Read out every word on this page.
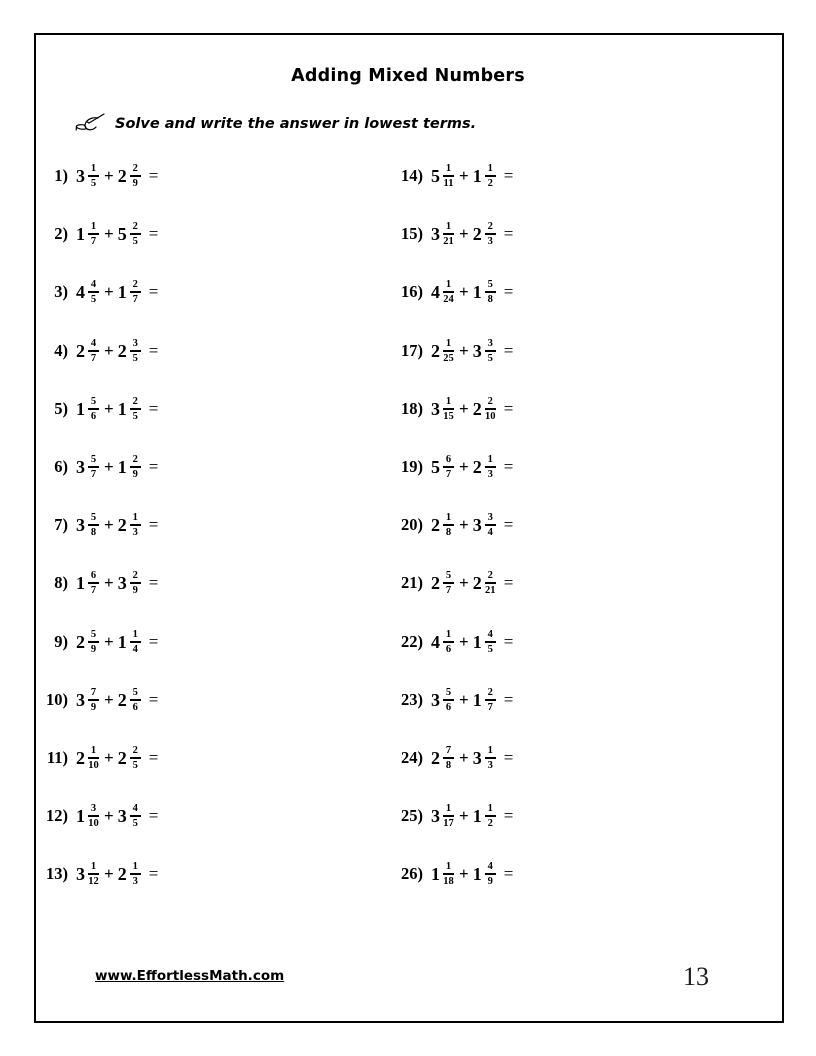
Adding Mixed Numbers
Solve and write the answer in lowest terms.
1) $3 \frac{1}{5} + 2 \frac{2}{9}$ =
2) $1 \frac{1}{7} + 5 \frac{2}{5}$ =
3) $4 \frac{4}{5} + 1 \frac{2}{7}$ =
4) $2 \frac{4}{7} + 2 \frac{3}{5}$ =
5) $1 \frac{5}{6} + 1 \frac{2}{5}$ =
6) $3 \frac{5}{7} + 1 \frac{2}{9}$ =
7) $3 \frac{5}{8} + 2 \frac{1}{3}$ =
8) $1 \frac{6}{7} + 3 \frac{2}{9}$ =
9) $2 \frac{5}{9} + 1 \frac{1}{4}$ =
10) $3 \frac{7}{9} + 2 \frac{5}{6}$ =
11) $2 \frac{1}{10} + 2 \frac{2}{5}$ =
12) $1 \frac{3}{10} + 3 \frac{4}{5}$ =
13) $3 \frac{1}{12} + 2 \frac{1}{3}$ =
14) $5 \frac{1}{11} + 1 \frac{1}{2}$ =
15) $3 \frac{1}{21} + 2 \frac{2}{3}$ =
16) $4 \frac{1}{24} + 1 \frac{5}{8}$ =
17) $2 \frac{1}{25} + 3 \frac{3}{5}$ =
18) $3 \frac{1}{15} + 2 \frac{2}{10}$ =
19) $5 \frac{6}{7} + 2 \frac{1}{3}$ =
20) $2 \frac{1}{8} + 3 \frac{3}{4}$ =
21) $2 \frac{5}{7} + 2 \frac{2}{21}$ =
22) $4 \frac{1}{6} + 1 \frac{4}{5}$ =
23) $3 \frac{5}{6} + 1 \frac{2}{7}$ =
24) $2 \frac{7}{8} + 3 \frac{1}{3}$ =
25) $3 \frac{1}{17} + 1 \frac{1}{2}$ =
26) $1 \frac{1}{18} + 1 \frac{4}{9}$ =
www.EffortlessMath.com	13
